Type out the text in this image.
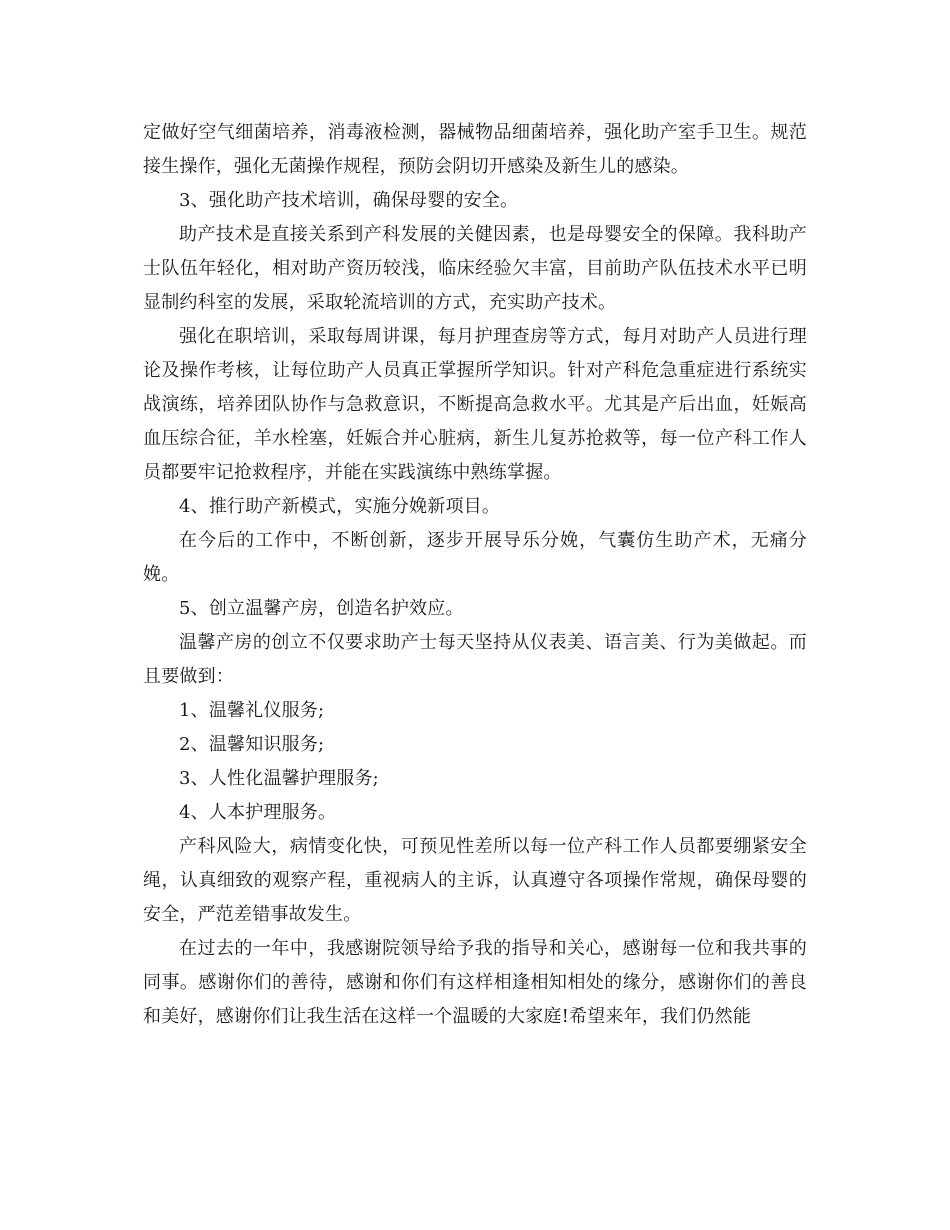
定做好空气细菌培养，消毒液检测，器械物品细菌培养，强化助产室手卫生。规范接生操作，强化无菌操作规程，预防会阴切开感染及新生儿的感染。

3、强化助产技术培训，确保母婴的安全。

助产技术是直接关系到产科发展的关健因素，也是母婴安全的保障。我科助产士队伍年轻化，相对助产资历较浅，临床经验欠丰富，目前助产队伍技术水平已明显制约科室的发展，采取轮流培训的方式，充实助产技术。

强化在职培训，采取每周讲课，每月护理查房等方式，每月对助产人员进行理论及操作考核，让每位助产人员真正掌握所学知识。针对产科危急重症进行系统实战演练，培养团队协作与急救意识，不断提高急救水平。尤其是产后出血，妊娠高血压综合征，羊水栓塞，妊娠合并心脏病，新生儿复苏抢救等，每一位产科工作人员都要牢记抢救程序，并能在实践演练中熟练掌握。

4、推行助产新模式，实施分娩新项目。

在今后的工作中，不断创新，逐步开展导乐分娩，气囊仿生助产术，无痛分娩。

5、创立温馨产房，创造名护效应。

温馨产房的创立不仅要求助产士每天坚持从仪表美、语言美、行为美做起。而且要做到：

1、温馨礼仪服务;

2、温馨知识服务;

3、人性化温馨护理服务;

4、人本护理服务。

产科风险大，病情变化快，可预见性差所以每一位产科工作人员都要绷紧安全绳，认真细致的观察产程，重视病人的主诉，认真遵守各项操作常规，确保母婴的安全，严范差错事故发生。

在过去的一年中，我感谢院领导给予我的指导和关心，感谢每一位和我共事的同事。感谢你们的善待，感谢和你们有这样相逢相知相处的缘分，感谢你们的善良和美好，感谢你们让我生活在这样一个温暖的大家庭!希望来年，我们仍然能
